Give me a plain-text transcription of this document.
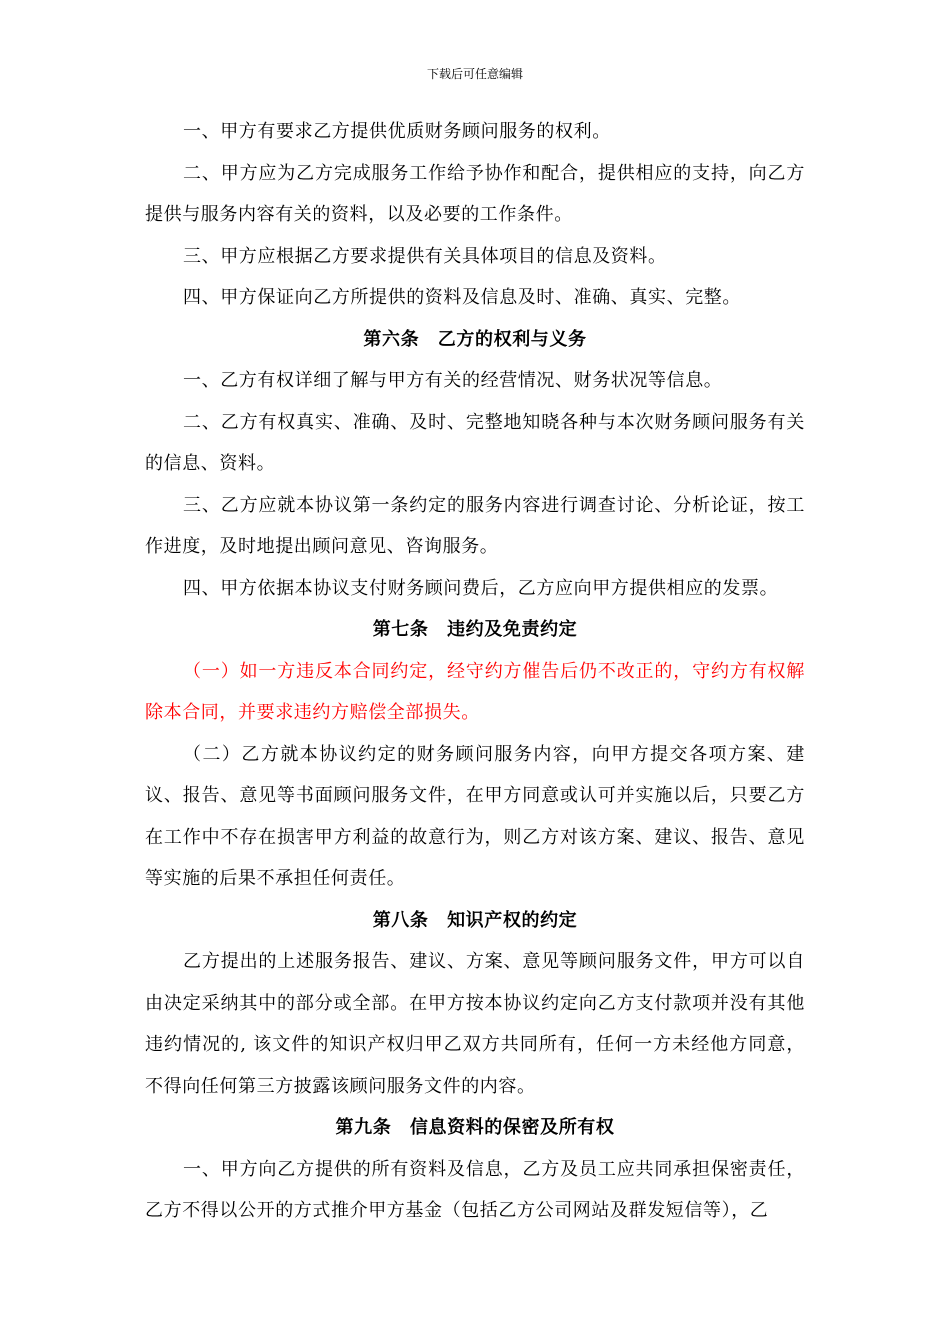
下载后可任意编辑

一、甲方有要求乙方提供优质财务顾问服务的权利。

二、甲方应为乙方完成服务工作给予协作和配合，提供相应的支持，向乙方提供与服务内容有关的资料，以及必要的工作条件。

三、甲方应根据乙方要求提供有关具体项目的信息及资料。

四、甲方保证向乙方所提供的资料及信息及时、准确、真实、完整。

第六条　乙方的权利与义务

一、乙方有权详细了解与甲方有关的经营情况、财务状况等信息。

二、乙方有权真实、准确、及时、完整地知晓各种与本次财务顾问服务有关的信息、资料。

三、乙方应就本协议第一条约定的服务内容进行调查讨论、分析论证，按工作进度，及时地提出顾问意见、咨询服务。

四、甲方依据本协议支付财务顾问费后，乙方应向甲方提供相应的发票。

第七条　违约及免责约定

（一）如一方违反本合同约定，经守约方催告后仍不改正的，守约方有权解除本合同，并要求违约方赔偿全部损失。

（二）乙方就本协议约定的财务顾问服务内容，向甲方提交各项方案、建议、报告、意见等书面顾问服务文件，在甲方同意或认可并实施以后，只要乙方在工作中不存在损害甲方利益的故意行为，则乙方对该方案、建议、报告、意见等实施的后果不承担任何责任。

第八条　知识产权的约定

乙方提出的上述服务报告、建议、方案、意见等顾问服务文件，甲方可以自由决定采纳其中的部分或全部。在甲方按本协议约定向乙方支付款项并没有其他违约情况的, 该文件的知识产权归甲乙双方共同所有，任何一方未经他方同意，不得向任何第三方披露该顾问服务文件的内容。

第九条　信息资料的保密及所有权

一、甲方向乙方提供的所有资料及信息，乙方及员工应共同承担保密责任，乙方不得以公开的方式推介甲方基金（包括乙方公司网站及群发短信等），乙
